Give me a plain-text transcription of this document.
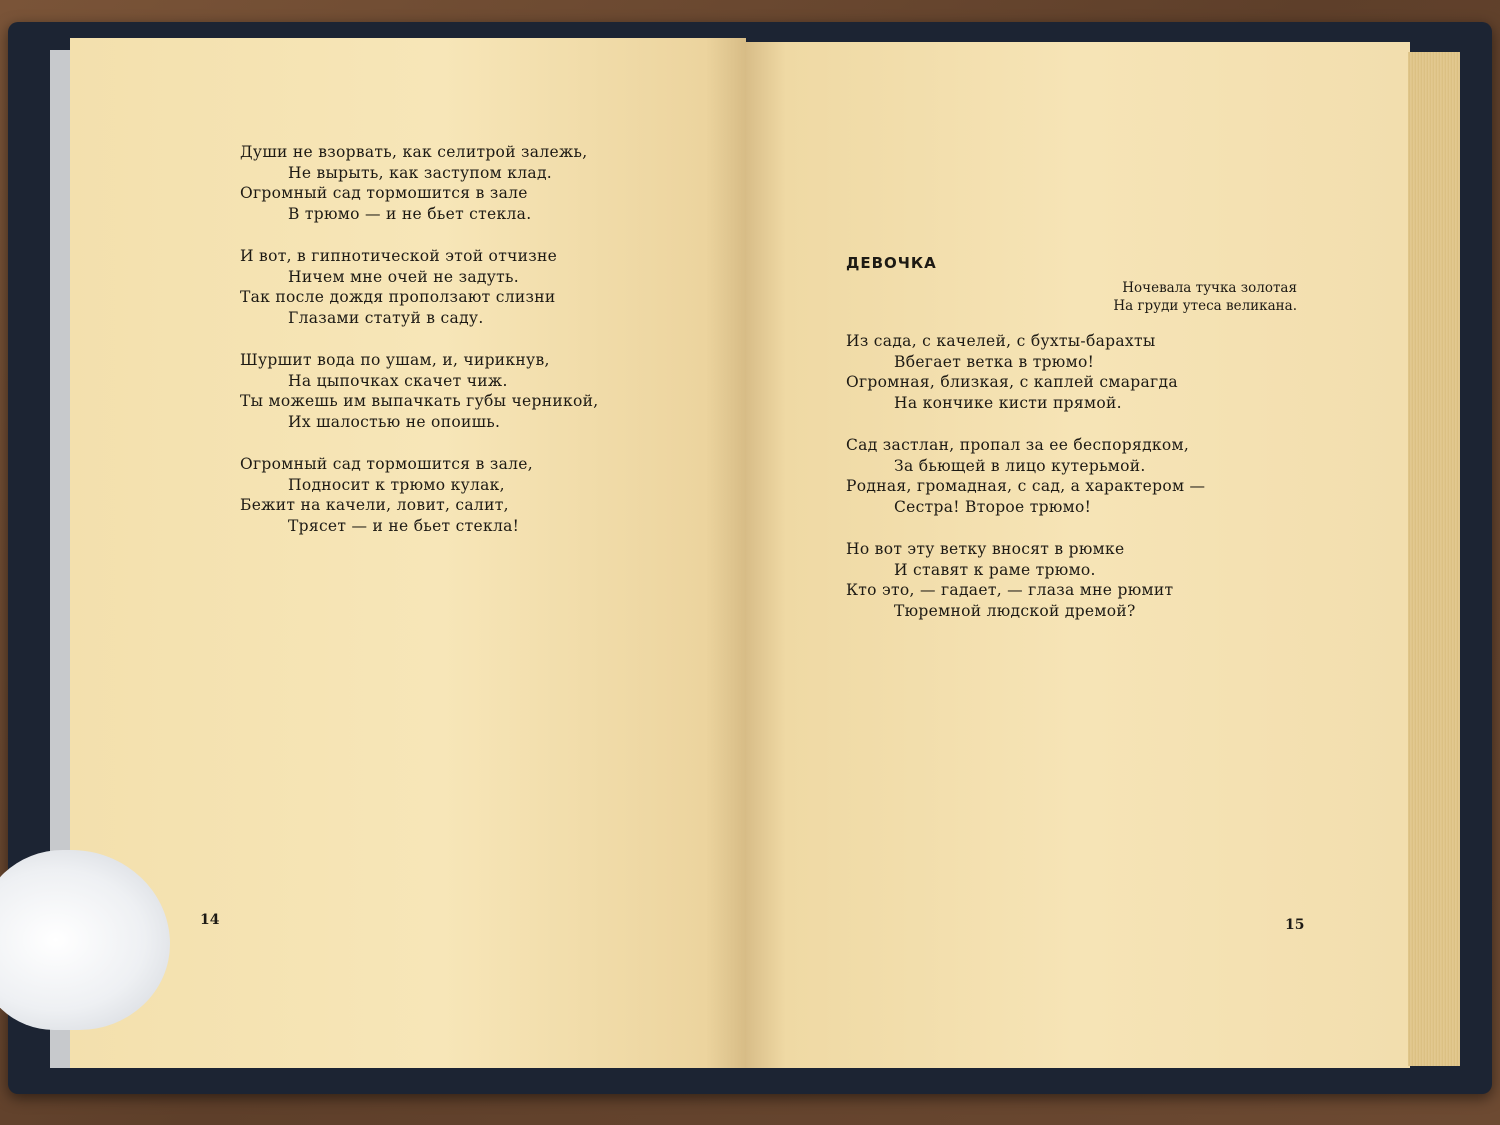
Души не взорвать, как селитрой залежь,
Не вырыть, как заступом клад.
Огромный сад тормошится в зале
В трюмо — и не бьет стекла.
И вот, в гипнотической этой отчизне
Ничем мне очей не задуть.
Так после дождя проползают слизни
Глазами статуй в саду.
Шуршит вода по ушам, и, чирикнув,
На цыпочках скачет чиж.
Ты можешь им выпачкать губы черникой,
Их шалостью не опоишь.
Огромный сад тормошится в зале,
Подносит к трюмо кулак,
Бежит на качели, ловит, салит,
Трясет — и не бьет стекла!
Из сада, с качелей, с бухты-барахты
Вбегает ветка в трюмо!
Огромная, близкая, с каплей смарагда
На кончике кисти прямой.
Сад застлан, пропал за ее беспорядком,
За бьющей в лицо кутерьмой.
Родная, громадная, с сад, а характером —
Сестра! Второе трюмо!
Но вот эту ветку вносят в рюмке
И ставят к раме трюмо.
Кто это, — гадает, — глаза мне рюмит
Тюремной людской дремой?
ДЕВОЧКА
Ночевала тучка золотая
На груди утеса великана.
14	15
